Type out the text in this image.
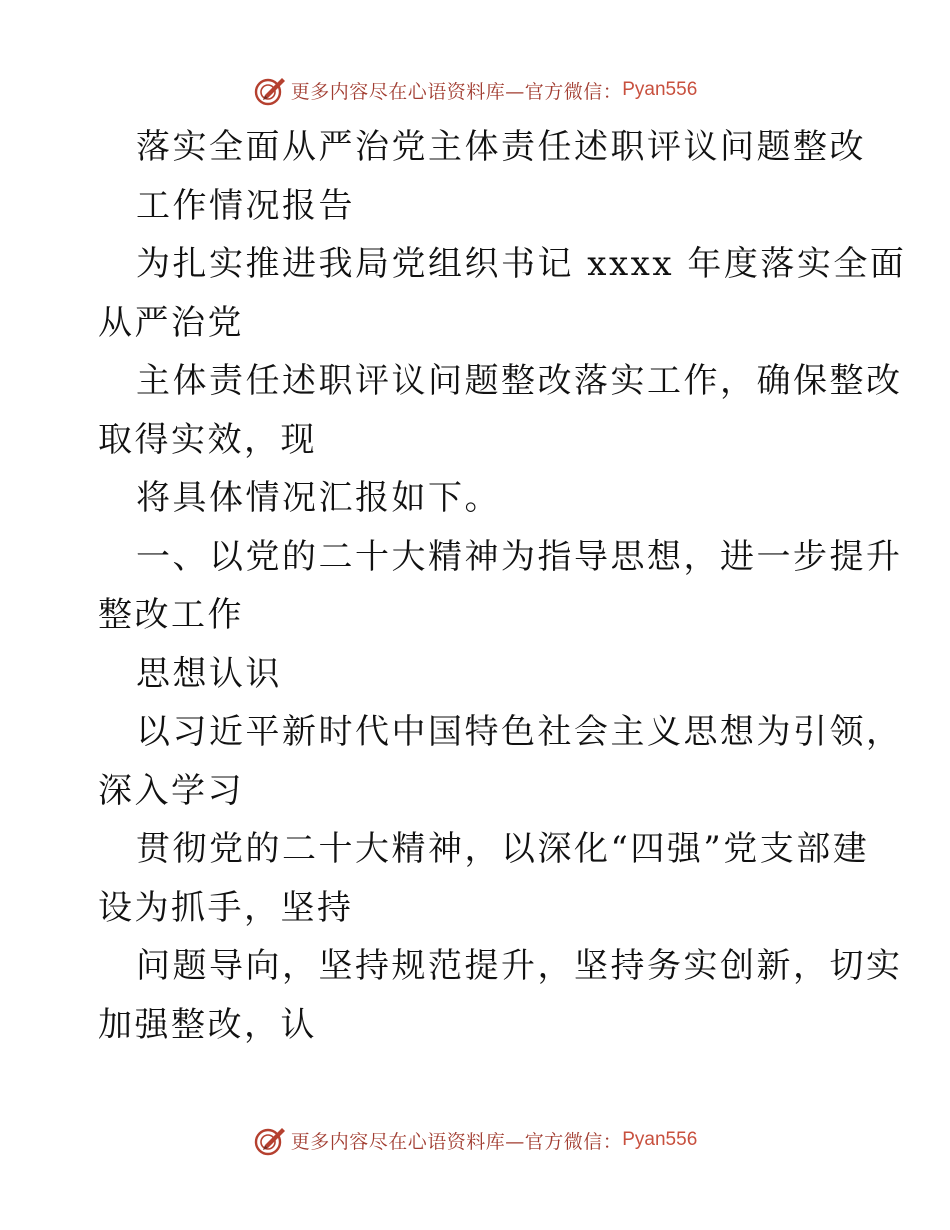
更多内容尽在心语资料库—官方微信： Pyan556
落实全面从严治党主体责任述职评议问题整改
工作情况报告
为扎实推进我局党组织书记 xxxx 年度落实全面
从严治党
主体责任述职评议问题整改落实工作，确保整改
取得实效，现
将具体情况汇报如下。
一、以党的二十大精神为指导思想，进一步提升
整改工作
思想认识
以习近平新时代中国特色社会主义思想为引领，
深入学习
贯彻党的二十大精神，以深化“四强”党支部建
设为抓手，坚持
问题导向，坚持规范提升，坚持务实创新，切实
加强整改，认
更多内容尽在心语资料库—官方微信： Pyan556
